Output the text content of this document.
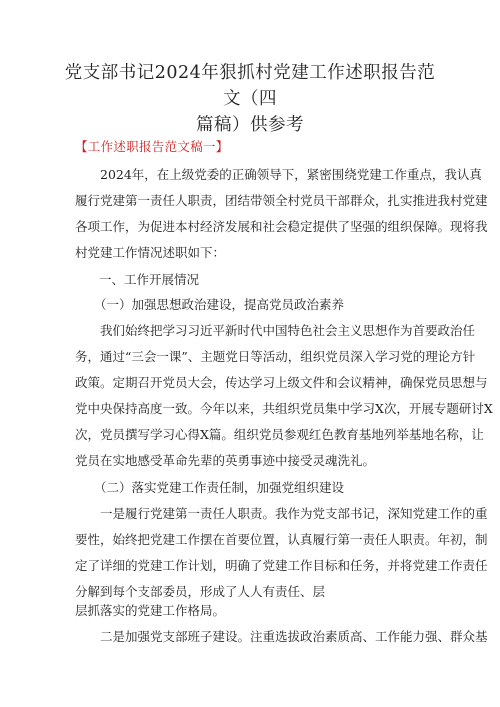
党支部书记2024年狠抓村党建工作述职报告范文（四
篇稿）供参考
【工作述职报告范文稿一】
2024年，在上级党委的正确领导下，紧密围绕党建工作重点，我认真
履行党建第一责任人职责，团结带领全村党员干部群众，扎实推进我村党建
各项工作，为促进本村经济发展和社会稳定提供了坚强的组织保障。现将我
村党建工作情况述职如下：
一、工作开展情况
（一）加强思想政治建设，提高党员政治素养
我们始终把学习习近平新时代中国特色社会主义思想作为首要政治任
务，通过“三会一课”、主题党日等活动，组织党员深入学习党的理论方针
政策。定期召开党员大会，传达学习上级文件和会议精神，确保党员思想与
党中央保持高度一致。今年以来，共组织党员集中学习X次，开展专题研讨X
次，党员撰写学习心得X篇。组织党员参观红色教育基地列举基地名称，让
党员在实地感受革命先辈的英勇事迹中接受灵魂洗礼。
（二）落实党建工作责任制，加强党组织建设
一是履行党建第一责任人职责。我作为党支部书记，深知党建工作的重
要性，始终把党建工作摆在首要位置，认真履行第一责任人职责。年初，制
定了详细的党建工作计划，明确了党建工作目标和任务，并将党建工作责任
分解到每个支部委员，形成了人人有责任、层
层抓落实的党建工作格局。
二是加强党支部班子建设。注重选拔政治素质高、工作能力强、群众基
